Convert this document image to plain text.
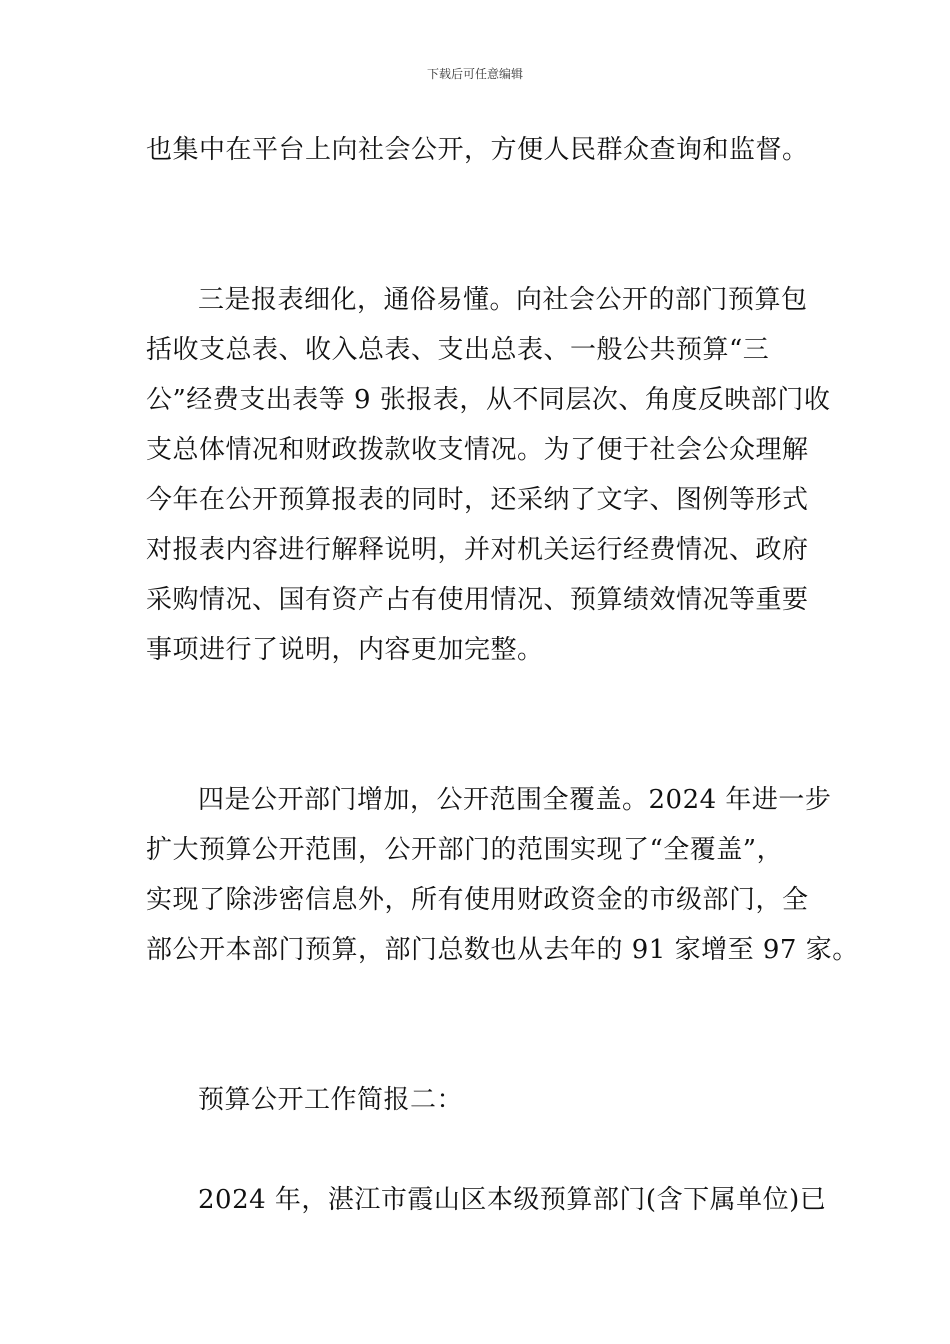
下载后可任意编辑
也集中在平台上向社会公开，方便人民群众查询和监督。
三是报表细化，通俗易懂。向社会公开的部门预算包
括收支总表、收入总表、支出总表、一般公共预算“三
公”经费支出表等 9 张报表，从不同层次、角度反映部门收
支总体情况和财政拨款收支情况。为了便于社会公众理解
今年在公开预算报表的同时，还采纳了文字、图例等形式
对报表内容进行解释说明，并对机关运行经费情况、政府
采购情况、国有资产占有使用情况、预算绩效情况等重要
事项进行了说明，内容更加完整。
四是公开部门增加，公开范围全覆盖。2024 年进一步
扩大预算公开范围，公开部门的范围实现了“全覆盖”，
实现了除涉密信息外，所有使用财政资金的市级部门，全
部公开本部门预算，部门总数也从去年的 91 家增至 97 家。
预算公开工作简报二：
2024 年，湛江市霞山区本级预算部门(含下属单位)已
